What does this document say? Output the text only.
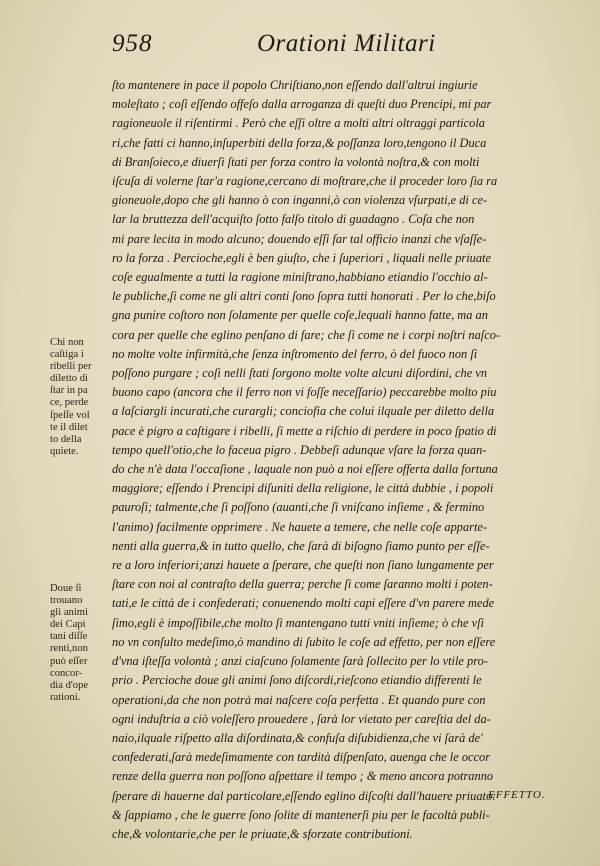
958	Orationi Militari
ſto mantenere in pace il popolo Chriſtiano,non eſſendo dall'altrui ingiurie
moleſtato ; coſi eſſendo offeſo dalla arroganza di queſti duo Prencipi, mi par
ragioneuole il riſentirmi . Però che eſſi oltre a molti altri oltraggi particola
ri,che fatti ci hanno,inſuperbiti della forza,& poſſanza loro,tengono il Duca
di Branſoieco,e diuerſi ſtati per forza contro la volontà noſtra,& con molti
iſcuſa di volerne ſtar'a ragione,cercano di moſtrare,che il proceder loro ſia ra
gioneuole,dopo che gli hanno ò con inganni,ò con violenza vſurpati,e di ce-
lar la bruttezza dell'acquiſto ſotto falſo titolo di guadagno . Coſa che non
mi pare lecita in modo alcuno; douendo eſſi far tal officio inanzi che vſaſſe-
ro la forza . Percioche,egli è ben giuſto, che i ſuperiori , liquali nelle priuate
coſe egualmente a tutti la ragione miniſtrano,habbiano etiandio l'occhio al-
le publiche,ſi come ne gli altri conti ſono ſopra tutti honorati . Per lo che,biſo
gna punire coſtoro non ſolamente per quelle coſe,lequali hanno fatte, ma an
cora per quelle che eglino penſano di fare; che ſi come ne i corpi noſtri naſco-
no molte volte infirmità,che ſenza inſtromento del ferro, ò del fuoco non ſi
poſſono purgare ; coſi nelli ſtati ſorgono molte volte alcuni diſordini, che vn
buono capo (ancora che il ferro non vi foſſe neceſſario) peccarebbe molto piu
a laſciargli incurati,che curargli; conciofia che colui ilquale per diletto della
pace è pigro a caſtigare i ribelli, ſi mette a riſchio di perdere in poco ſpatio di
tempo quell'otio,che lo faceua pigro . Debbeſi adunque vſare la forza quan-
do che n'è data l'occaſione , laquale non può a noi eſſere offerta dalla fortuna
maggiore; eſſendo i Prencipi diſuniti della religione, le città dubbie , i popoli
pauroſi; talmente,che ſi poſſono (auanti,che ſi vniſcano inſieme , & fermino
l'animo) facilmente opprimere . Ne hauete a temere, che nelle coſe apparte-
nenti alla guerra,& in tutto quello, che ſarà di biſogno ſiamo punto per eſſe-
re a loro inferiori;anzi hauete a ſperare, che queſti non ſiano lungamente per
ſtare con noi al contraſto della guerra; perche ſi come ſaranno molti i poten-
tati,e le città de i confederati; conuenendo molti capi eſſere d'vn parere mede
ſimo,egli è impoſſibile,che molto ſi mantengano tutti vniti inſieme; ò che vſi
no vn conſulto medeſimo,ò mandino di ſubito le coſe ad effetto, per non eſſere
d'vna iſteſſa volontà ; anzi ciaſcuno ſolamente ſarà ſollecito per lo vtile pro-
prio . Percioche doue gli animi ſono diſcordi,rieſcono etiandio differenti le
operationi,da che non potrà mai naſcere coſa perfetta . Et quando pure con
ogni induſtria a ciò voleſſero prouedere , ſarà lor vietato per careſtia del da-
naio,ilquale riſpetto alla diſordinata,& confuſa diſubidienza,che vi ſarà de'
confederati,ſarà medeſimamente con tardità diſpenſato, auenga che le occor
renze della guerra non poſſono aſpettare il tempo ; & meno ancora potranno
ſperare di hauerne dal particolare,eſſendo eglino diſcoſti dall'hauere priuato:
& ſappiamo , che le guerre ſono ſolite di mantenerſi piu per le facoltà publi-
che,& volontarie,che per le priuate,& sforzate contributioni.
Chi non
caſtiga i
ribelli per
diletto di
ſtar in pa
ce, perde
ſpeſſe vol
te il dilet
to della
quiete.
Doue ſi
trouano
gli animi
dei Capi
tani diſſe
renti,non
può eſſer
concor-
dia d'ope
rationi.
EFFETTO.
